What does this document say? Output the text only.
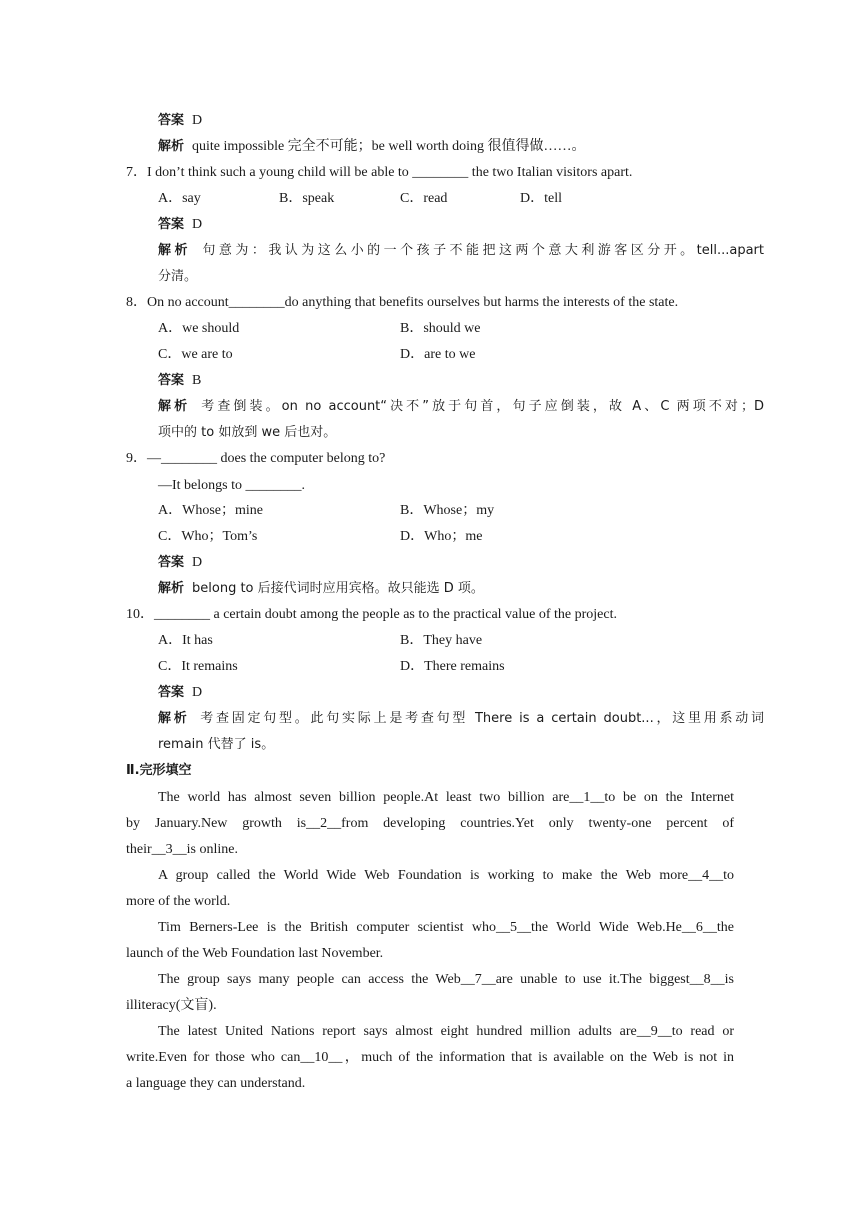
答案 D
解析 quite impossible 完全不可能；be well worth doing 很值得做……。
7．I don’t think such a young child will be able to ________ the two Italian visitors apart.
A．say	B．speak	C．read	D．tell
答案 D
解析 句意为：我认为这么小的一个孩子不能把这两个意大利游客区分开。tell...apart
分清。
8．On no account________do anything that benefits ourselves but harms the interests of the state.
A．we should	B．should we
C．we are to	D．are to we
答案 B
解析 考查倒装。on no account“决不”放于句首，句子应倒装，故 A、C 两项不对；D
项中的 to 如放到 we 后也对。
9．—________ does the computer belong to?
—It belongs to ________.
A．Whose；mine	B．Whose；my
C．Who；Tom’s	D．Who；me
答案 D
解析 belong to 后接代词时应用宾格。故只能选 D 项。
10．________ a certain doubt among the people as to the practical value of the project.
A．It has	B．They have
C．It remains	D．There remains
答案 D
解析 考查固定句型。此句实际上是考查句型 There is a certain doubt...，这里用系动词
remain 代替了 is。
Ⅱ.完形填空
The world has almost seven billion people.At least two billion are__1__to be on the Internet
by January.New growth is__2__from developing countries.Yet only twenty-one percent of
their__3__is online.
A group called the World Wide Web Foundation is working to make the Web more__4__to
more of the world.
Tim Berners-Lee is the British computer scientist who__5__the World Wide Web.He__6__the
launch of the Web Foundation last November.
The group says many people can access the Web__7__are unable to use it.The biggest__8__is
illiteracy(文盲).
The latest United Nations report says almost eight hundred million adults are__9__to read or
write.Even for those who can__10__，much of the information that is available on the Web is not in
a language they can understand.
